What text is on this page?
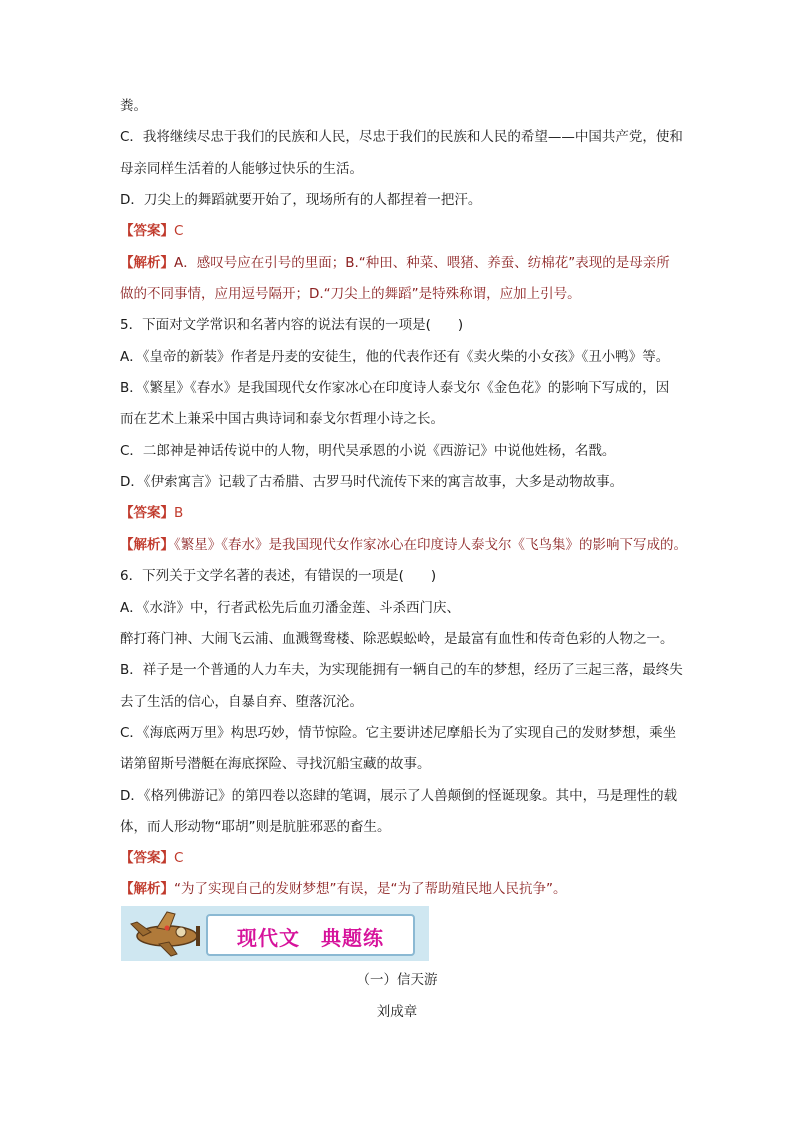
粪。
C．我将继续尽忠于我们的民族和人民，尽忠于我们的民族和人民的希望——中国共产党，使和
母亲同样生活着的人能够过快乐的生活。
D．刀尖上的舞蹈就要开始了，现场所有的人都捏着一把汗。
【答案】C
【解析】A．感叹号应在引号的里面；B.“种田、种菜、喂猪、养蚕、纺棉花”表现的是母亲所
做的不同事情，应用逗号隔开；D.“刀尖上的舞蹈”是特殊称谓，应加上引号。
5．下面对文学常识和名著内容的说法有误的一项是(　　)
A．《皇帝的新装》作者是丹麦的安徒生，他的代表作还有《卖火柴的小女孩》《丑小鸭》等。
B．《繁星》《春水》是我国现代女作家冰心在印度诗人泰戈尔《金色花》的影响下写成的，因
而在艺术上兼采中国古典诗词和泰戈尔哲理小诗之长。
C．二郎神是神话传说中的人物，明代吴承恩的小说《西游记》中说他姓杨，名戬。
D．《伊索寓言》记载了古希腊、古罗马时代流传下来的寓言故事，大多是动物故事。
【答案】B
【解析】《繁星》《春水》是我国现代女作家冰心在印度诗人泰戈尔《飞鸟集》的影响下写成的。
6．下列关于文学名著的表述，有错误的一项是(　　)
A．《水浒》中，行者武松先后血刃潘金莲、斗杀西门庆、
醉打蒋门神、大闹飞云浦、血溅鸳鸯楼、除恶蜈蚣岭，是最富有血性和传奇色彩的人物之一。
B．祥子是一个普通的人力车夫，为实现能拥有一辆自己的车的梦想，经历了三起三落，最终失
去了生活的信心，自暴自弃、堕落沉沦。
C．《海底两万里》构思巧妙，情节惊险。它主要讲述尼摩船长为了实现自己的发财梦想，乘坐
诺第留斯号潜艇在海底探险、寻找沉船宝藏的故事。
D．《格列佛游记》的第四卷以恣肆的笔调，展示了人兽颠倒的怪诞现象。其中，马是理性的载
体，而人形动物“耶胡”则是肮脏邪恶的畜生。
【答案】C
【解析】“为了实现自己的发财梦想”有误，是“为了帮助殖民地人民抗争”。
现代文　典题练
（一）信天游
刘成章
